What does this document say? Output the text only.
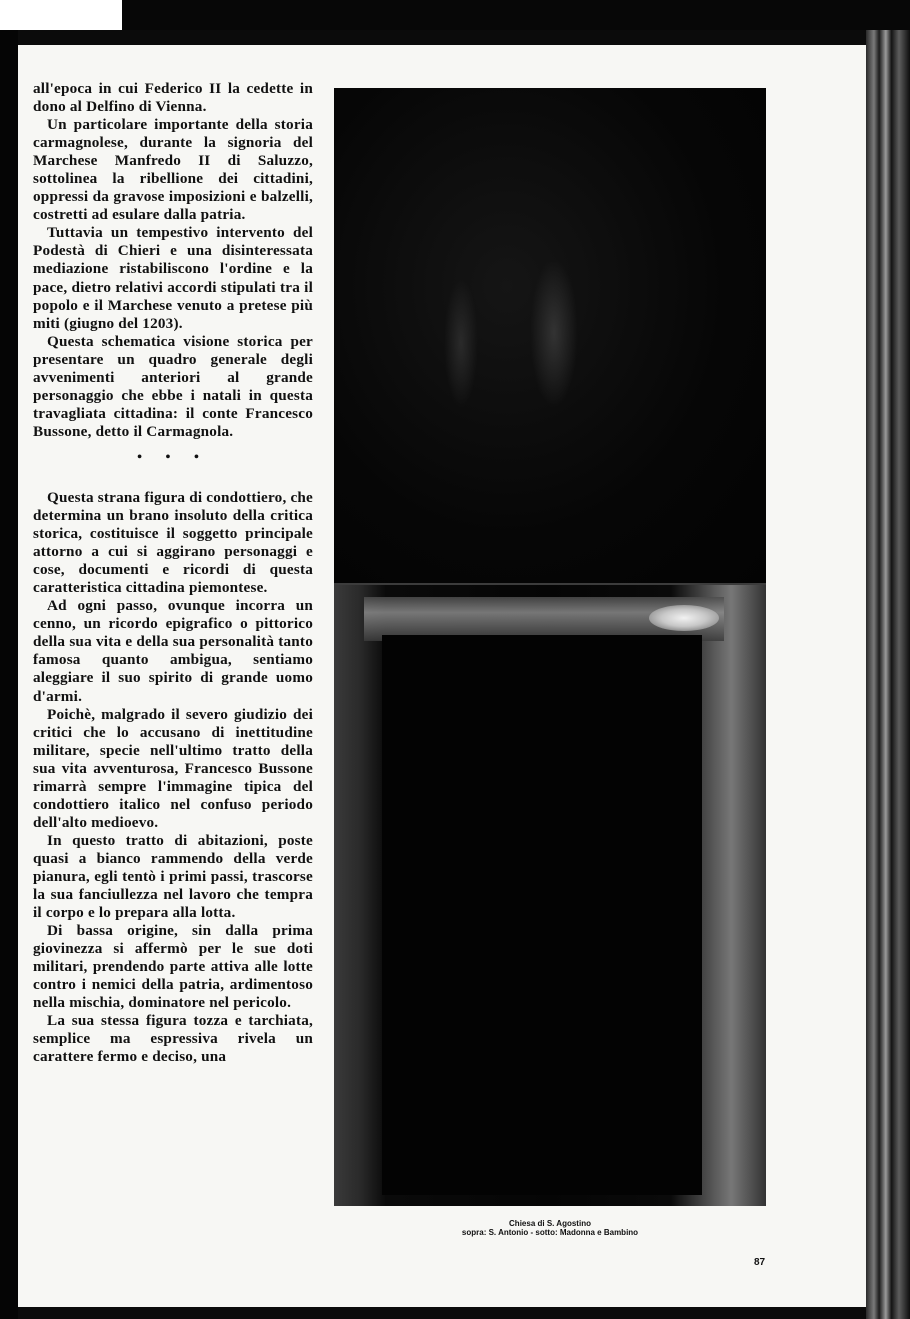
all'epoca in cui Federico II la cedette in dono al Delfino di Vienna.

Un particolare importante della storia carmagnolese, durante la signoria del Marchese Manfredo II di Saluzzo, sottolinea la ribellione dei cittadini, oppressi da gravose imposizioni e balzelli, costretti ad esulare dalla patria.

Tuttavia un tempestivo intervento del Podestà di Chieri e una disinteressata mediazione ristabiliscono l'ordine e la pace, dietro relativi accordi stipulati tra il popolo e il Marchese venuto a pretese più miti (giugno del 1203).

Questa schematica visione storica per presentare un quadro generale degli avvenimenti anteriori al grande personaggio che ebbe i natali in questa travagliata cittadina: il conte Francesco Bussone, detto il Carmagnola.

• • •

Questa strana figura di condottiero, che determina un brano insoluto della critica storica, costituisce il soggetto principale attorno a cui si aggirano personaggi e cose, documenti e ricordi di questa caratteristica cittadina piemontese.

Ad ogni passo, ovunque incorra un cenno, un ricordo epigrafico o pittorico della sua vita e della sua personalità tanto famosa quanto ambigua, sentiamo aleggiare il suo spirito di grande uomo d'armi.

Poichè, malgrado il severo giudizio dei critici che lo accusano di inettitudine militare, specie nell'ultimo tratto della sua vita avventurosa, Francesco Bussone rimarrà sempre l'immagine tipica del condottiero italico nel confuso periodo dell'alto medioevo.

In questo tratto di abitazioni, poste quasi a bianco rammendo della verde pianura, egli tentò i primi passi, trascorse la sua fanciullezza nel lavoro che tempra il corpo e lo prepara alla lotta.

Di bassa origine, sin dalla prima giovinezza si affermò per le sue doti militari, prendendo parte attiva alle lotte contro i nemici della patria, ardimentoso nella mischia, dominatore nel pericolo.

La sua stessa figura tozza e tarchiata, semplice ma espressiva rivela un carattere fermo e deciso, una

Chiesa di S. Agostino
sopra: S. Antonio - sotto: Madonna e Bambino
87
